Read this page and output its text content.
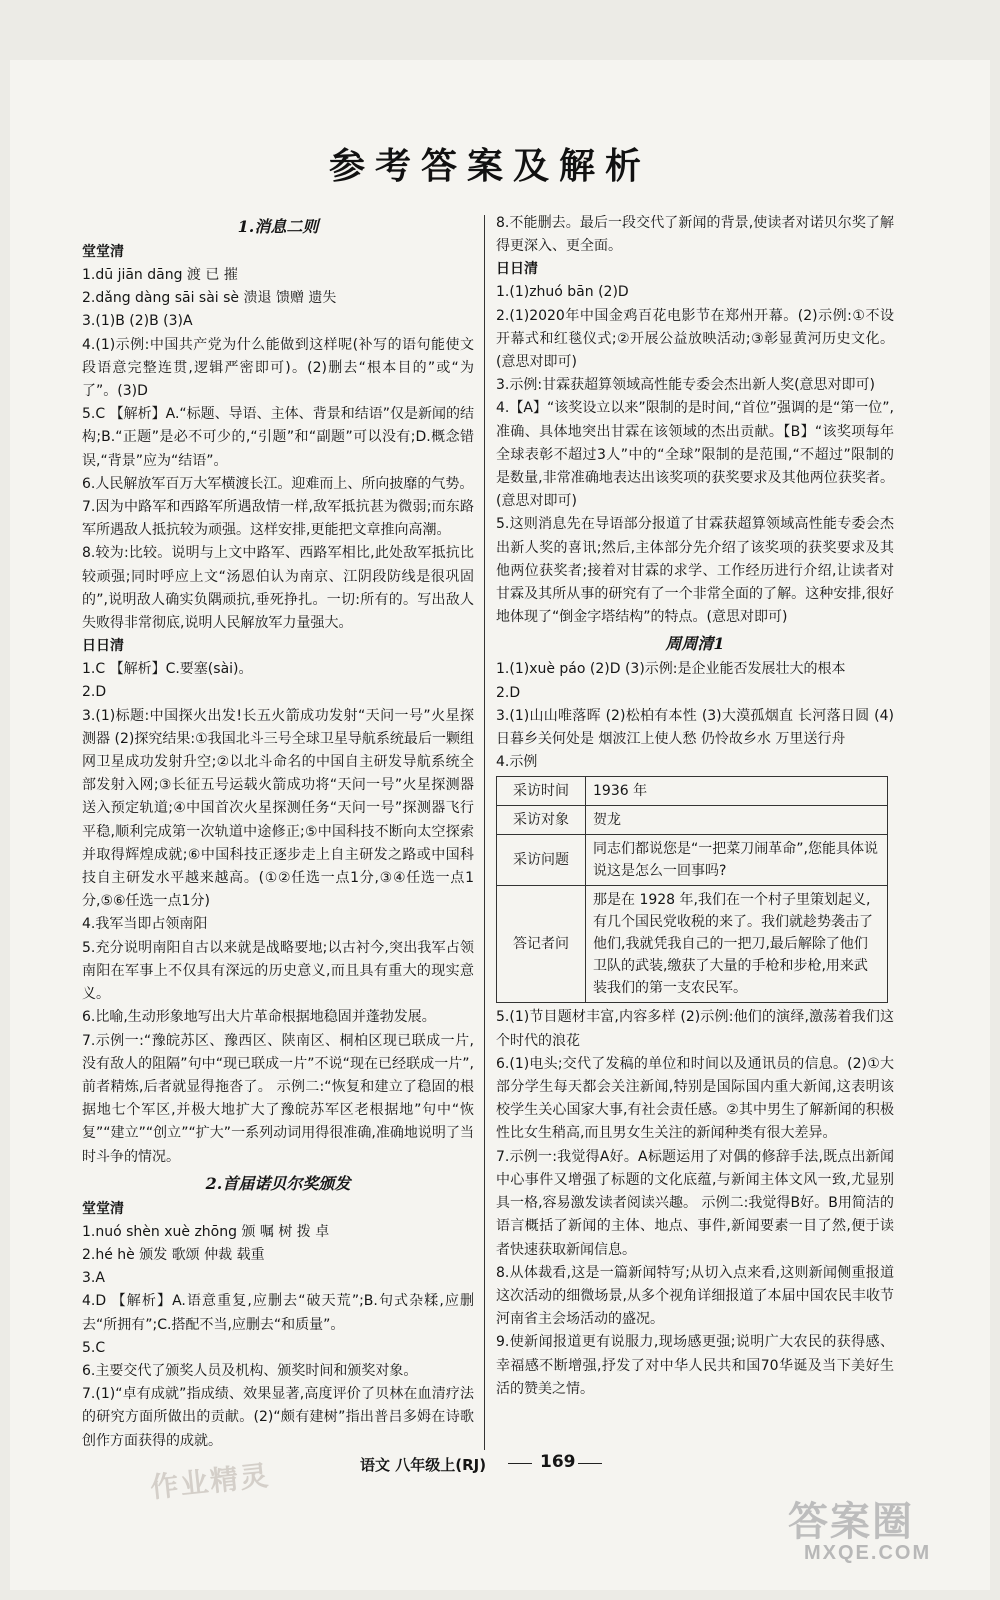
参考答案及解析
1.消息二则
堂堂清

1.dū jiān dāng 渡 已 摧

2.dǎng dàng sāi sài sè 溃退 馈赠 遗失

3.(1)B (2)B (3)A

4.(1)示例:中国共产党为什么能做到这样呢(补写的语句能使文段语意完整连贯,逻辑严密即可)。(2)删去“根本目的”或“为了”。(3)D

5.C 【解析】A.“标题、导语、主体、背景和结语”仅是新闻的结构;B.“正题”是必不可少的,“引题”和“副题”可以没有;D.概念错误,“背景”应为“结语”。

6.人民解放军百万大军横渡长江。迎难而上、所向披靡的气势。

7.因为中路军和西路军所遇敌情一样,敌军抵抗甚为微弱;而东路军所遇敌人抵抗较为顽强。这样安排,更能把文章推向高潮。

8.较为:比较。说明与上文中路军、西路军相比,此处敌军抵抗比较顽强;同时呼应上文“汤恩伯认为南京、江阴段防线是很巩固的”,说明敌人确实负隅顽抗,垂死挣扎。一切:所有的。写出敌人失败得非常彻底,说明人民解放军力量强大。

日日清

1.C 【解析】C.要塞(sài)。

2.D

3.(1)标题:中国探火出发!长五火箭成功发射“天问一号”火星探测器 (2)探究结果:①我国北斗三号全球卫星导航系统最后一颗组网卫星成功发射升空;②以北斗命名的中国自主研发导航系统全部发射入网;③长征五号运载火箭成功将“天问一号”火星探测器送入预定轨道;④中国首次火星探测任务“天问一号”探测器飞行平稳,顺利完成第一次轨道中途修正;⑤中国科技不断向太空探索并取得辉煌成就;⑥中国科技正逐步走上自主研发之路或中国科技自主研发水平越来越高。(①②任选一点1分,③④任选一点1分,⑤⑥任选一点1分)

4.我军当即占领南阳

5.充分说明南阳自古以来就是战略要地;以古衬今,突出我军占领南阳在军事上不仅具有深远的历史意义,而且具有重大的现实意义。

6.比喻,生动形象地写出大片革命根据地稳固并蓬勃发展。

7.示例一:“豫皖苏区、豫西区、陕南区、桐柏区现已联成一片,没有敌人的阻隔”句中“现已联成一片”不说“现在已经联成一片”,前者精炼,后者就显得拖沓了。 示例二:“恢复和建立了稳固的根据地七个军区,并极大地扩大了豫皖苏军区老根据地”句中“恢复”“建立”“创立”“扩大”一系列动词用得很准确,准确地说明了当时斗争的情况。

2.首届诺贝尔奖颁发
堂堂清

1.nuó shèn xuè zhōng 颁 嘱 树 拨 卓

2.hé hè 颁发 歌颂 仲裁 载重

3.A

4.D 【解析】A.语意重复,应删去“破天荒”;B.句式杂糅,应删去“所拥有”;C.搭配不当,应删去“和质量”。

5.C

6.主要交代了颁奖人员及机构、颁奖时间和颁奖对象。

7.(1)“卓有成就”指成绩、效果显著,高度评价了贝林在血清疗法的研究方面所做出的贡献。(2)“颇有建树”指出普吕多姆在诗歌创作方面获得的成就。

8.不能删去。最后一段交代了新闻的背景,使读者对诺贝尔奖了解得更深入、更全面。

日日清

1.(1)zhuó bān (2)D

2.(1)2020年中国金鸡百花电影节在郑州开幕。(2)示例:①不设开幕式和红毯仪式;②开展公益放映活动;③彰显黄河历史文化。(意思对即可)

3.示例:甘霖获超算领域高性能专委会杰出新人奖(意思对即可)

4.【A】“该奖设立以来”限制的是时间,“首位”强调的是“第一位”,准确、具体地突出甘霖在该领域的杰出贡献。【B】“该奖项每年全球表彰不超过3人”中的“全球”限制的是范围,“不超过”限制的是数量,非常准确地表达出该奖项的获奖要求及其他两位获奖者。(意思对即可)

5.这则消息先在导语部分报道了甘霖获超算领域高性能专委会杰出新人奖的喜讯;然后,主体部分先介绍了该奖项的获奖要求及其他两位获奖者;接着对甘霖的求学、工作经历进行介绍,让读者对甘霖及其所从事的研究有了一个非常全面的了解。这种安排,很好地体现了“倒金字塔结构”的特点。(意思对即可)

周周清1

1.(1)xuè páo (2)D (3)示例:是企业能否发展壮大的根本

2.D

3.(1)山山唯落晖 (2)松柏有本性 (3)大漠孤烟直 长河落日圆 (4)日暮乡关何处是 烟波江上使人愁 仍怜故乡水 万里送行舟

4.示例

采访时间	1936 年
采访对象	贺龙
采访问题	同志们都说您是“一把菜刀闹革命”,您能具体说说这是怎么一回事吗?
答记者问	那是在 1928 年,我们在一个村子里策划起义,有几个国民党收税的来了。我们就趁势袭击了他们,我就凭我自己的一把刀,最后解除了他们卫队的武装,缴获了大量的手枪和步枪,用来武装我们的第一支农民军。

5.(1)节目题材丰富,内容多样 (2)示例:他们的演绎,激荡着我们这个时代的浪花

6.(1)电头;交代了发稿的单位和时间以及通讯员的信息。(2)①大部分学生每天都会关注新闻,特别是国际国内重大新闻,这表明该校学生关心国家大事,有社会责任感。②其中男生了解新闻的积极性比女生稍高,而且男女生关注的新闻种类有很大差异。

7.示例一:我觉得A好。A标题运用了对偶的修辞手法,既点出新闻中心事件又增强了标题的文化底蕴,与新闻主体文风一致,尤显别具一格,容易激发读者阅读兴趣。 示例二:我觉得B好。B用简洁的语言概括了新闻的主体、地点、事件,新闻要素一目了然,便于读者快速获取新闻信息。

8.从体裁看,这是一篇新闻特写;从切入点来看,这则新闻侧重报道这次活动的细微场景,从多个视角详细报道了本届中国农民丰收节河南省主会场活动的盛况。

9.使新闻报道更有说服力,现场感更强;说明广大农民的获得感、幸福感不断增强,抒发了对中华人民共和国70华诞及当下美好生活的赞美之情。

作业精灵	语文 八年级上(RJ)	169
答案圈
MXQE.COM
